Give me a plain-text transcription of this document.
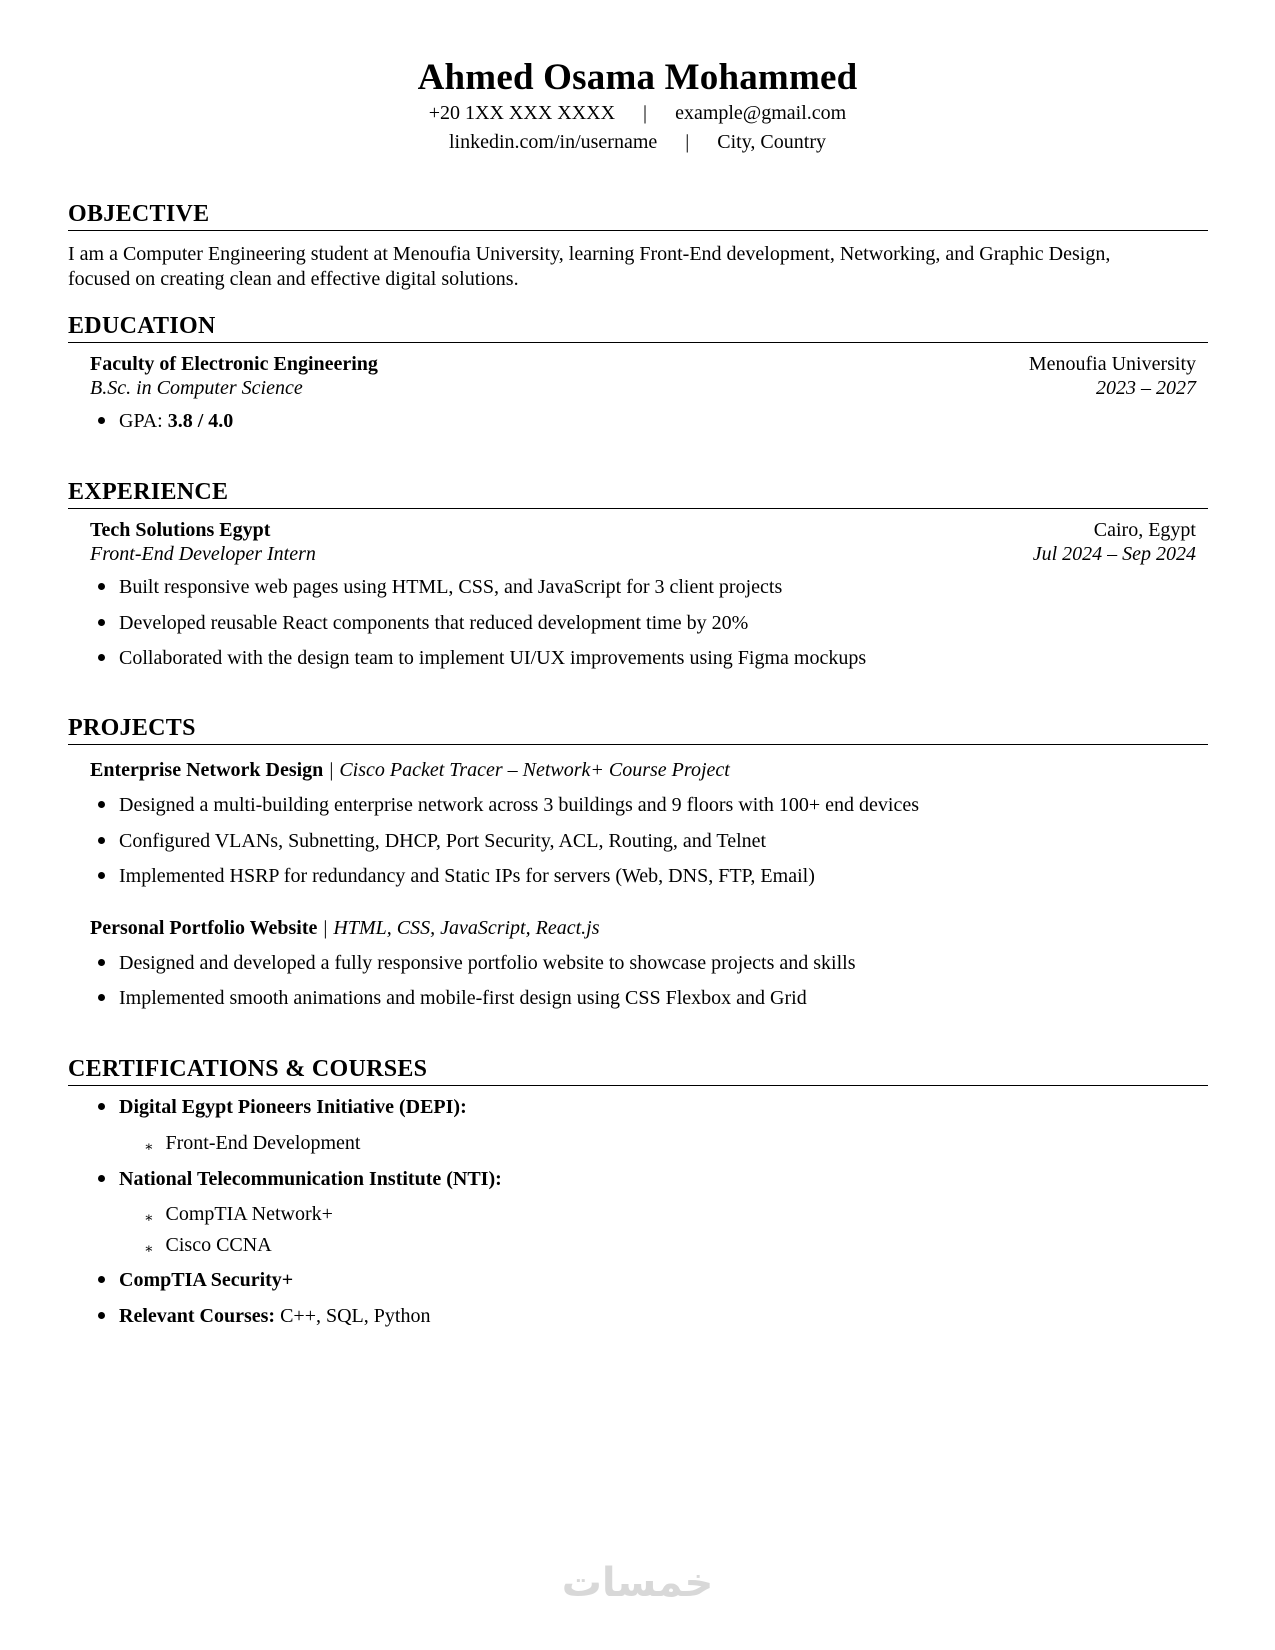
Ahmed Osama Mohammed
+20 1XX XXX XXXX | example@gmail.com
linkedin.com/in/username | City, Country
OBJECTIVE
I am a Computer Engineering student at Menoufia University, learning Front-End development, Networking, and Graphic Design,
focused on creating clean and effective digital solutions.
EDUCATION
Faculty of Electronic Engineering	Menoufia University
B.Sc. in Computer Science	2023 – 2027
GPA: 3.8 / 4.0
EXPERIENCE
Tech Solutions Egypt	Cairo, Egypt
Front-End Developer Intern	Jul 2024 – Sep 2024
Built responsive web pages using HTML, CSS, and JavaScript for 3 client projects
Developed reusable React components that reduced development time by 20%
Collaborated with the design team to implement UI/UX improvements using Figma mockups
PROJECTS
Enterprise Network Design | Cisco Packet Tracer – Network+ Course Project
Designed a multi-building enterprise network across 3 buildings and 9 floors with 100+ end devices
Configured VLANs, Subnetting, DHCP, Port Security, ACL, Routing, and Telnet
Implemented HSRP for redundancy and Static IPs for servers (Web, DNS, FTP, Email)
Personal Portfolio Website | HTML, CSS, JavaScript, React.js
Designed and developed a fully responsive portfolio website to showcase projects and skills
Implemented smooth animations and mobile-first design using CSS Flexbox and Grid
CERTIFICATIONS & COURSES
Digital Egypt Pioneers Initiative (DEPI):
∗ Front-End Development
National Telecommunication Institute (NTI):
∗ CompTIA Network+
∗ Cisco CCNA
CompTIA Security+
Relevant Courses: C++, SQL, Python
خمسات
